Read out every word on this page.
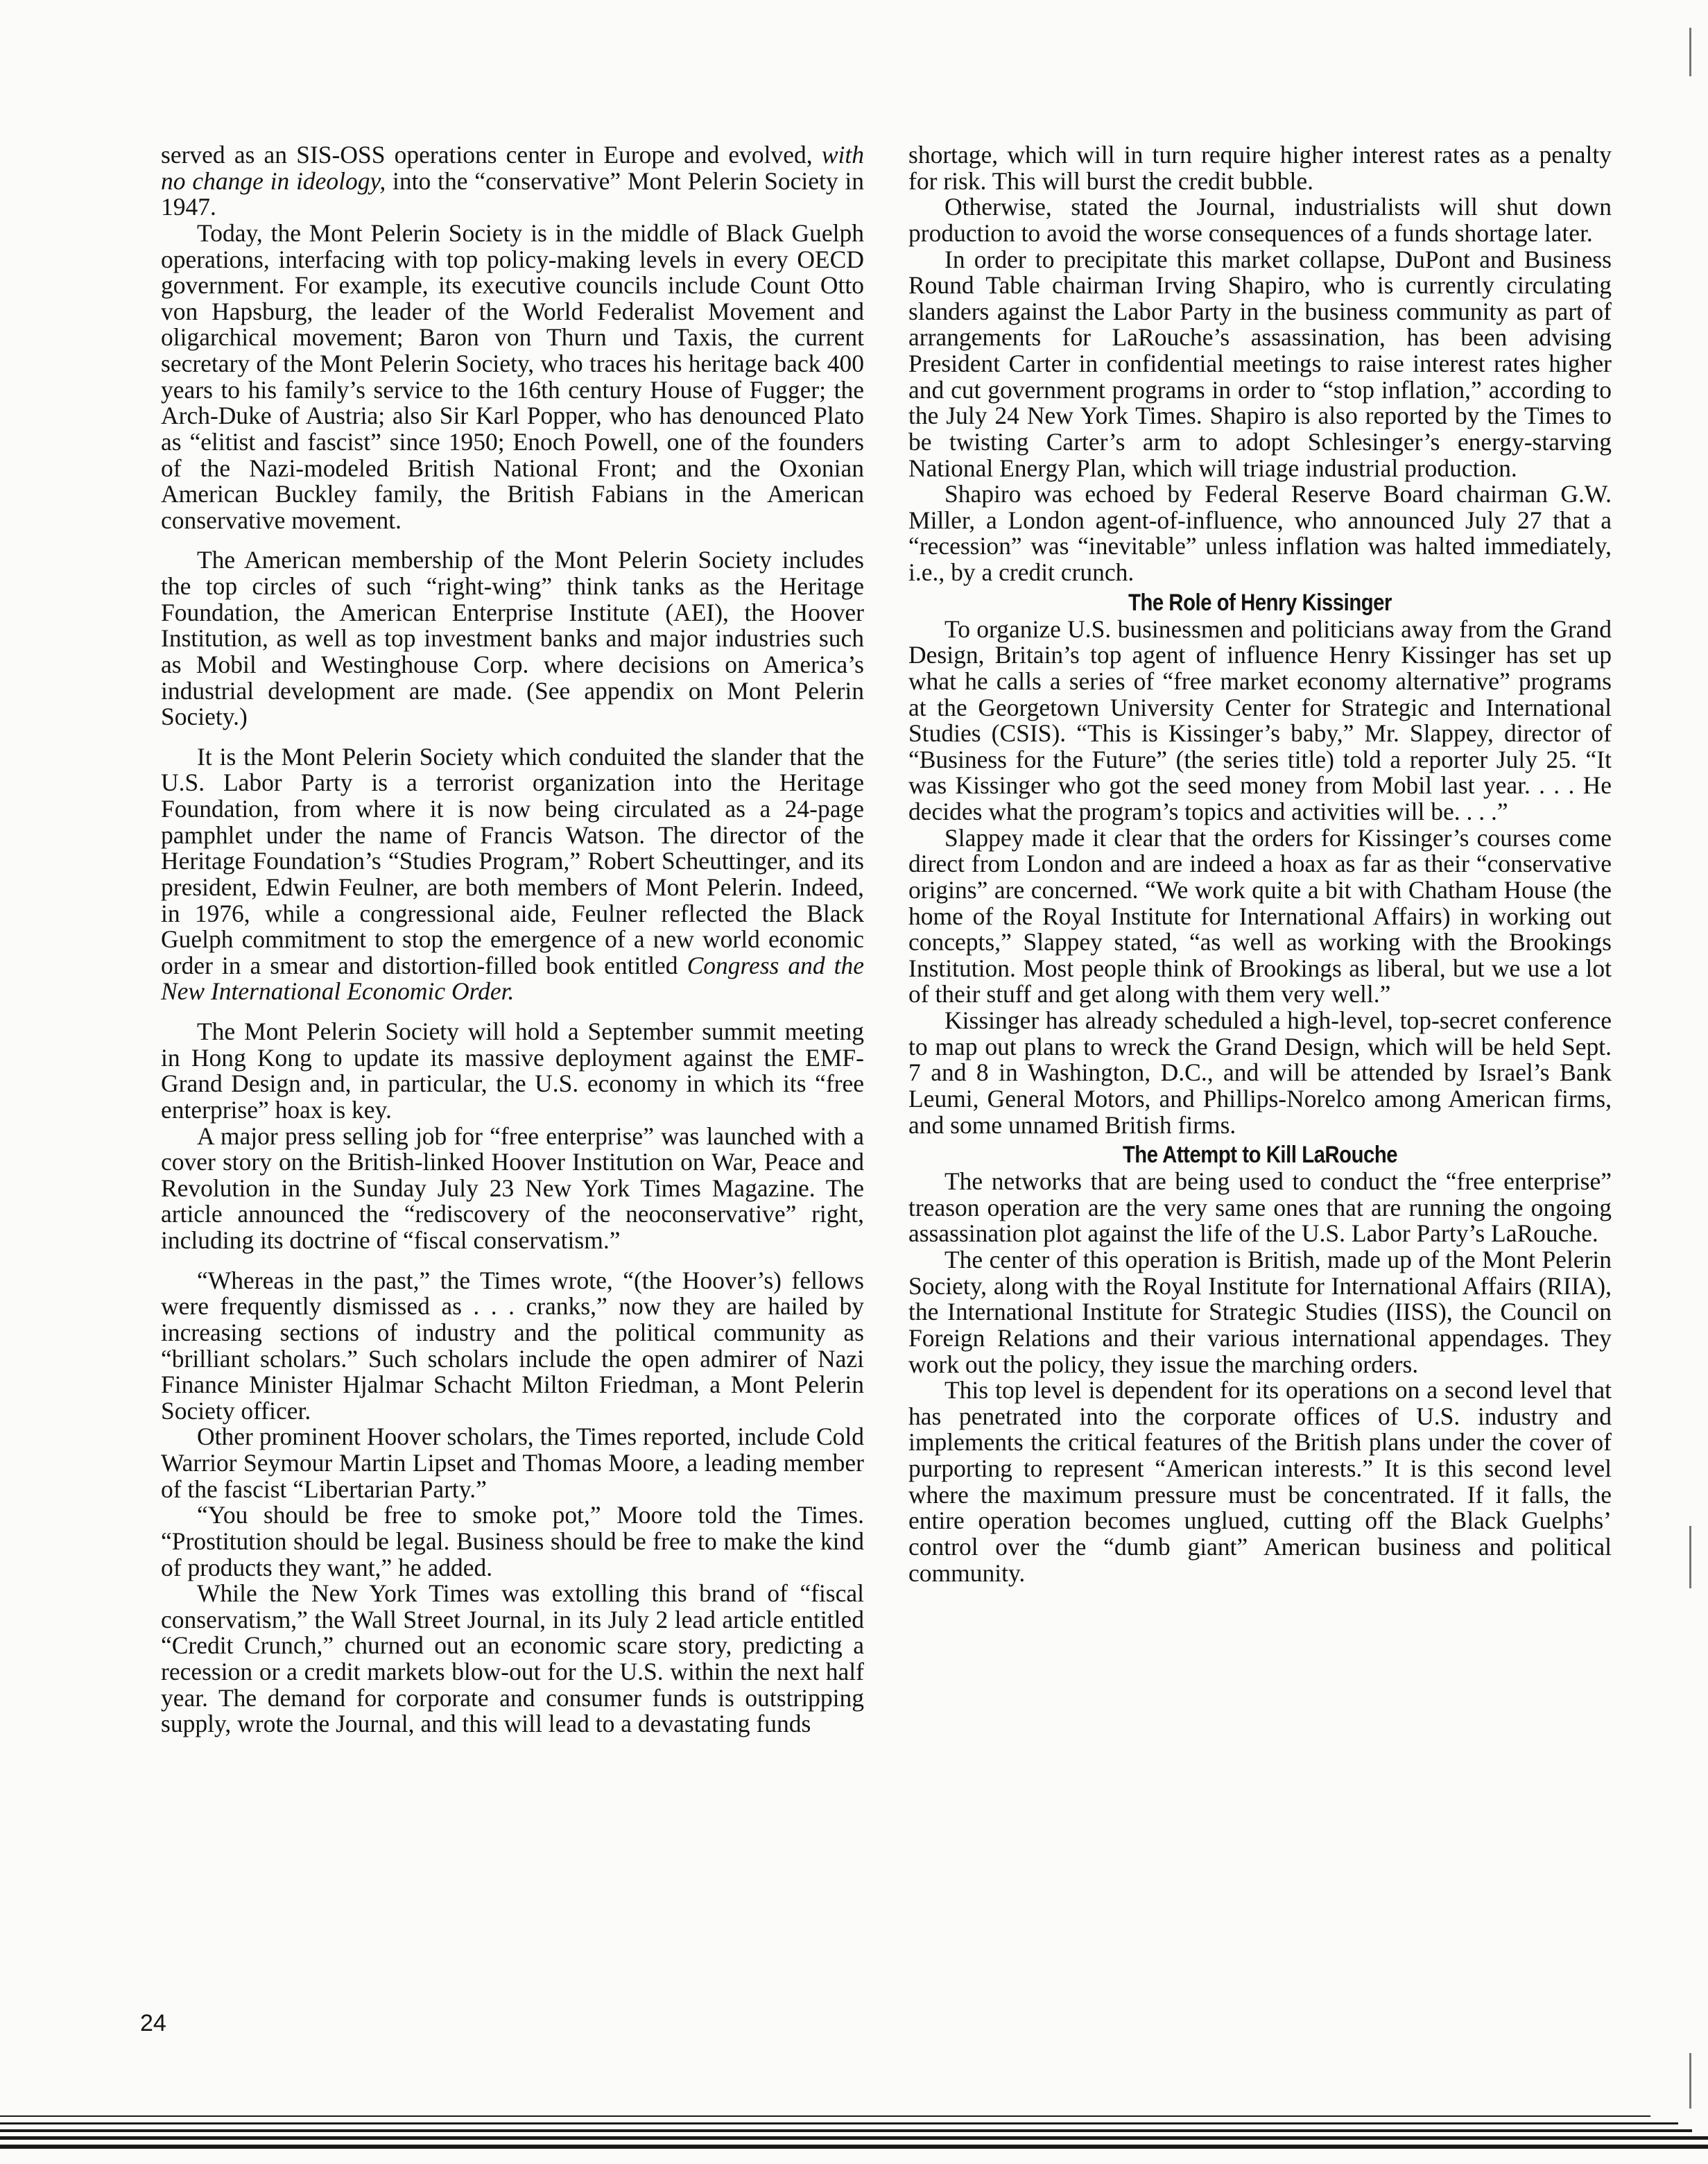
served as an SIS-OSS operations center in Europe and evolved, with no change in ideology, into the “conservative” Mont Pelerin Society in 1947.

Today, the Mont Pelerin Society is in the middle of Black Guelph operations, interfacing with top policy-making levels in every OECD government. For example, its executive councils include Count Otto von Hapsburg, the leader of the World Federalist Movement and oligarchical movement; Baron von Thurn und Taxis, the current secretary of the Mont Pelerin Society, who traces his heritage back 400 years to his family’s service to the 16th century House of Fugger; the Arch-Duke of Austria; also Sir Karl Popper, who has denounced Plato as “elitist and fascist” since 1950; Enoch Powell, one of the founders of the Nazi-modeled British National Front; and the Oxonian American Buckley family, the British Fabians in the American conservative movement.

The American membership of the Mont Pelerin Society includes the top circles of such “right-wing” think tanks as the Heritage Foundation, the American Enterprise Institute (AEI), the Hoover Institution, as well as top investment banks and major industries such as Mobil and Westinghouse Corp. where decisions on America’s industrial development are made. (See appendix on Mont Pelerin Society.)

It is the Mont Pelerin Society which conduited the slander that the U.S. Labor Party is a terrorist organization into the Heritage Foundation, from where it is now being circulated as a 24-page pamphlet under the name of Francis Watson. The director of the Heritage Foundation’s “Studies Program,” Robert Scheuttinger, and its president, Edwin Feulner, are both members of Mont Pelerin. Indeed, in 1976, while a congressional aide, Feulner reflected the Black Guelph commitment to stop the emergence of a new world economic order in a smear and distortion-filled book entitled Congress and the New International Economic Order.

The Mont Pelerin Society will hold a September summit meeting in Hong Kong to update its massive deployment against the EMF-Grand Design and, in particular, the U.S. economy in which its “free enterprise” hoax is key.

A major press selling job for “free enterprise” was launched with a cover story on the British-linked Hoover Institution on War, Peace and Revolution in the Sunday July 23 New York Times Magazine. The article announced the “rediscovery of the neoconservative” right, including its doctrine of “fiscal conservatism.”

“Whereas in the past,” the Times wrote, “(the Hoover’s) fellows were frequently dismissed as . . . cranks,” now they are hailed by increasing sections of industry and the political community as “brilliant scholars.” Such scholars include the open admirer of Nazi Finance Minister Hjalmar Schacht Milton Friedman, a Mont Pelerin Society officer.

Other prominent Hoover scholars, the Times reported, include Cold Warrior Seymour Martin Lipset and Thomas Moore, a leading member of the fascist “Libertarian Party.”

“You should be free to smoke pot,” Moore told the Times. “Prostitution should be legal. Business should be free to make the kind of products they want,” he added.

While the New York Times was extolling this brand of “fiscal conservatism,” the Wall Street Journal, in its July 2 lead article entitled “Credit Crunch,” churned out an economic scare story, predicting a recession or a credit markets blow-out for the U.S. within the next half year. The demand for corporate and consumer funds is outstripping supply, wrote the Journal, and this will lead to a devastating funds

shortage, which will in turn require higher interest rates as a penalty for risk. This will burst the credit bubble.

Otherwise, stated the Journal, industrialists will shut down production to avoid the worse consequences of a funds shortage later.

In order to precipitate this market collapse, DuPont and Business Round Table chairman Irving Shapiro, who is currently circulating slanders against the Labor Party in the business community as part of arrangements for LaRouche’s assassination, has been advising President Carter in confidential meetings to raise interest rates higher and cut government programs in order to “stop inflation,” according to the July 24 New York Times. Shapiro is also reported by the Times to be twisting Carter’s arm to adopt Schlesinger’s energy-starving National Energy Plan, which will triage industrial production.

Shapiro was echoed by Federal Reserve Board chairman G.W. Miller, a London agent-of-influence, who announced July 27 that a “recession” was “inevitable” unless inflation was halted immediately, i.e., by a credit crunch.

The Role of Henry Kissinger

To organize U.S. businessmen and politicians away from the Grand Design, Britain’s top agent of influence Henry Kissinger has set up what he calls a series of “free market economy alternative” programs at the Georgetown University Center for Strategic and International Studies (CSIS). “This is Kissinger’s baby,” Mr. Slappey, director of “Business for the Future” (the series title) told a reporter July 25. “It was Kissinger who got the seed money from Mobil last year. . . . He decides what the program’s topics and activities will be. . . .”

Slappey made it clear that the orders for Kissinger’s courses come direct from London and are indeed a hoax as far as their “conservative origins” are concerned. “We work quite a bit with Chatham House (the home of the Royal Institute for International Affairs) in working out concepts,” Slappey stated, “as well as working with the Brookings Institution. Most people think of Brookings as liberal, but we use a lot of their stuff and get along with them very well.”

Kissinger has already scheduled a high-level, top-secret conference to map out plans to wreck the Grand Design, which will be held Sept. 7 and 8 in Washington, D.C., and will be attended by Israel’s Bank Leumi, General Motors, and Phillips-Norelco among American firms, and some unnamed British firms.

The Attempt to Kill LaRouche

The networks that are being used to conduct the “free enterprise” treason operation are the very same ones that are running the ongoing assassination plot against the life of the U.S. Labor Party’s LaRouche.

The center of this operation is British, made up of the Mont Pelerin Society, along with the Royal Institute for International Affairs (RIIA), the International Institute for Strategic Studies (IISS), the Council on Foreign Relations and their various international appendages. They work out the policy, they issue the marching orders.

This top level is dependent for its operations on a second level that has penetrated into the corporate offices of U.S. industry and implements the critical features of the British plans under the cover of purporting to represent “American interests.” It is this second level where the maximum pressure must be concentrated. If it falls, the entire operation becomes unglued, cutting off the Black Guelphs’ control over the “dumb giant” American business and political community.

24
